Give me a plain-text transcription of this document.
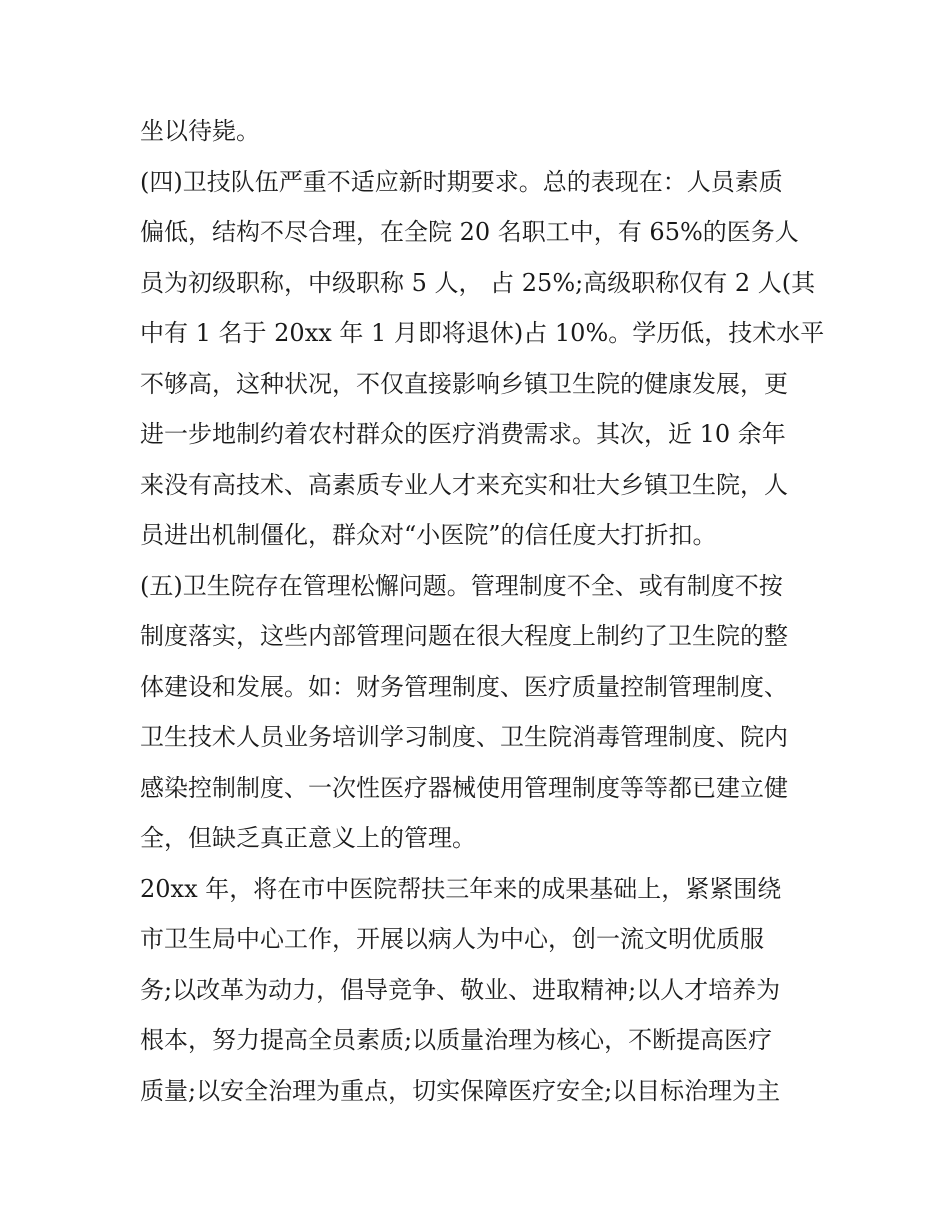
坐以待毙。
(四)卫技队伍严重不适应新时期要求。总的表现在：人员素质
偏低，结构不尽合理，在全院 20 名职工中，有 65%的医务人
员为初级职称，中级职称 5 人， 占 25%;高级职称仅有 2 人(其
中有 1 名于 20xx 年 1 月即将退休)占 10%。学历低，技术水平
不够高，这种状况，不仅直接影响乡镇卫生院的健康发展，更
进一步地制约着农村群众的医疗消费需求。其次，近 10 余年
来没有高技术、高素质专业人才来充实和壮大乡镇卫生院，人
员进出机制僵化，群众对“小医院”的信任度大打折扣。
(五)卫生院存在管理松懈问题。管理制度不全、或有制度不按
制度落实，这些内部管理问题在很大程度上制约了卫生院的整
体建设和发展。如：财务管理制度、医疗质量控制管理制度、
卫生技术人员业务培训学习制度、卫生院消毒管理制度、院内
感染控制制度、一次性医疗器械使用管理制度等等都已建立健
全，但缺乏真正意义上的管理。
20xx 年，将在市中医院帮扶三年来的成果基础上，紧紧围绕
市卫生局中心工作，开展以病人为中心，创一流文明优质服
务;以改革为动力，倡导竞争、敬业、进取精神;以人才培养为
根本，努力提高全员素质;以质量治理为核心，不断提高医疗
质量;以安全治理为重点，切实保障医疗安全;以目标治理为主
